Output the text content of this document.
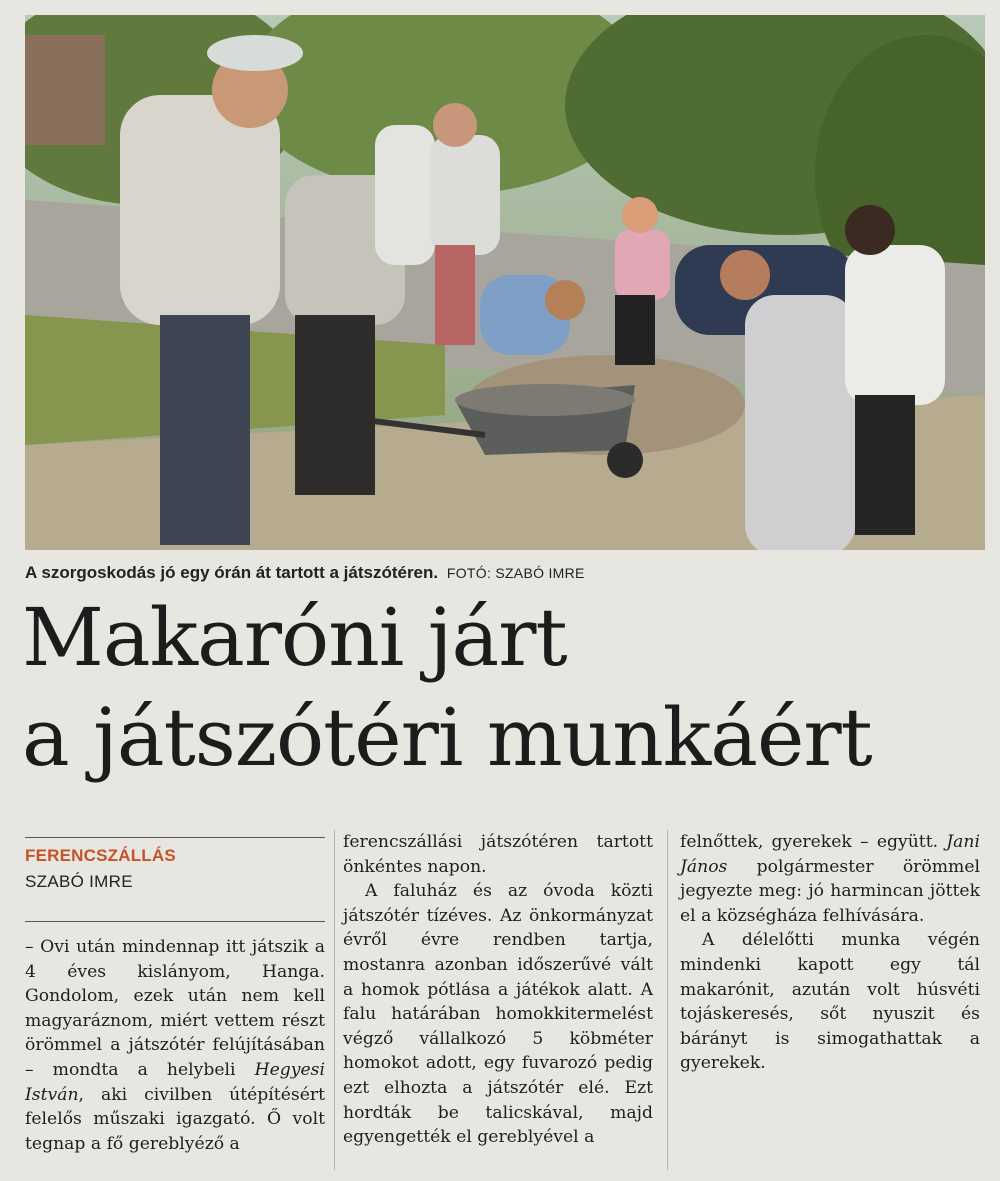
A szorgoskodás jó egy órán át tartott a játszótéren. FOTÓ: SZABÓ IMRE
Makaróni járt
a játszótéri munkáért
FERENCSZÁLLÁS
SZABÓ IMRE

– Ovi után mindennap itt játszik a 4 éves kislányom, Hanga. Gondolom, ezek után nem kell magyaráznom, miért vettem részt örömmel a játszótér felújításában – mondta a helybeli Hegyesi István, aki civilben útépítésért felelős műszaki igazgató. Ő volt tegnap a fő gereblyéző a

ferencszállási játszótéren tartott önkéntes napon.

A faluház és az óvoda közti játszótér tízéves. Az önkormányzat évről évre rendben tartja, mostanra azonban időszerűvé vált a homok pótlása a játékok alatt. A falu határában homokkitermelést végző vállalkozó 5 köbméter homokot adott, egy fuvarozó pedig ezt elhozta a játszótér elé. Ezt hordták be talicskával, majd egyengették el gereblyével a

felnőttek, gyerekek – együtt. Jani János polgármester örömmel jegyezte meg: jó harmincan jöttek el a községháza felhívására.

A délelőtti munka végén mindenki kapott egy tál makarónit, azután volt húsvéti tojáskeresés, sőt nyuszit és bárányt is simogathattak a gyerekek.
